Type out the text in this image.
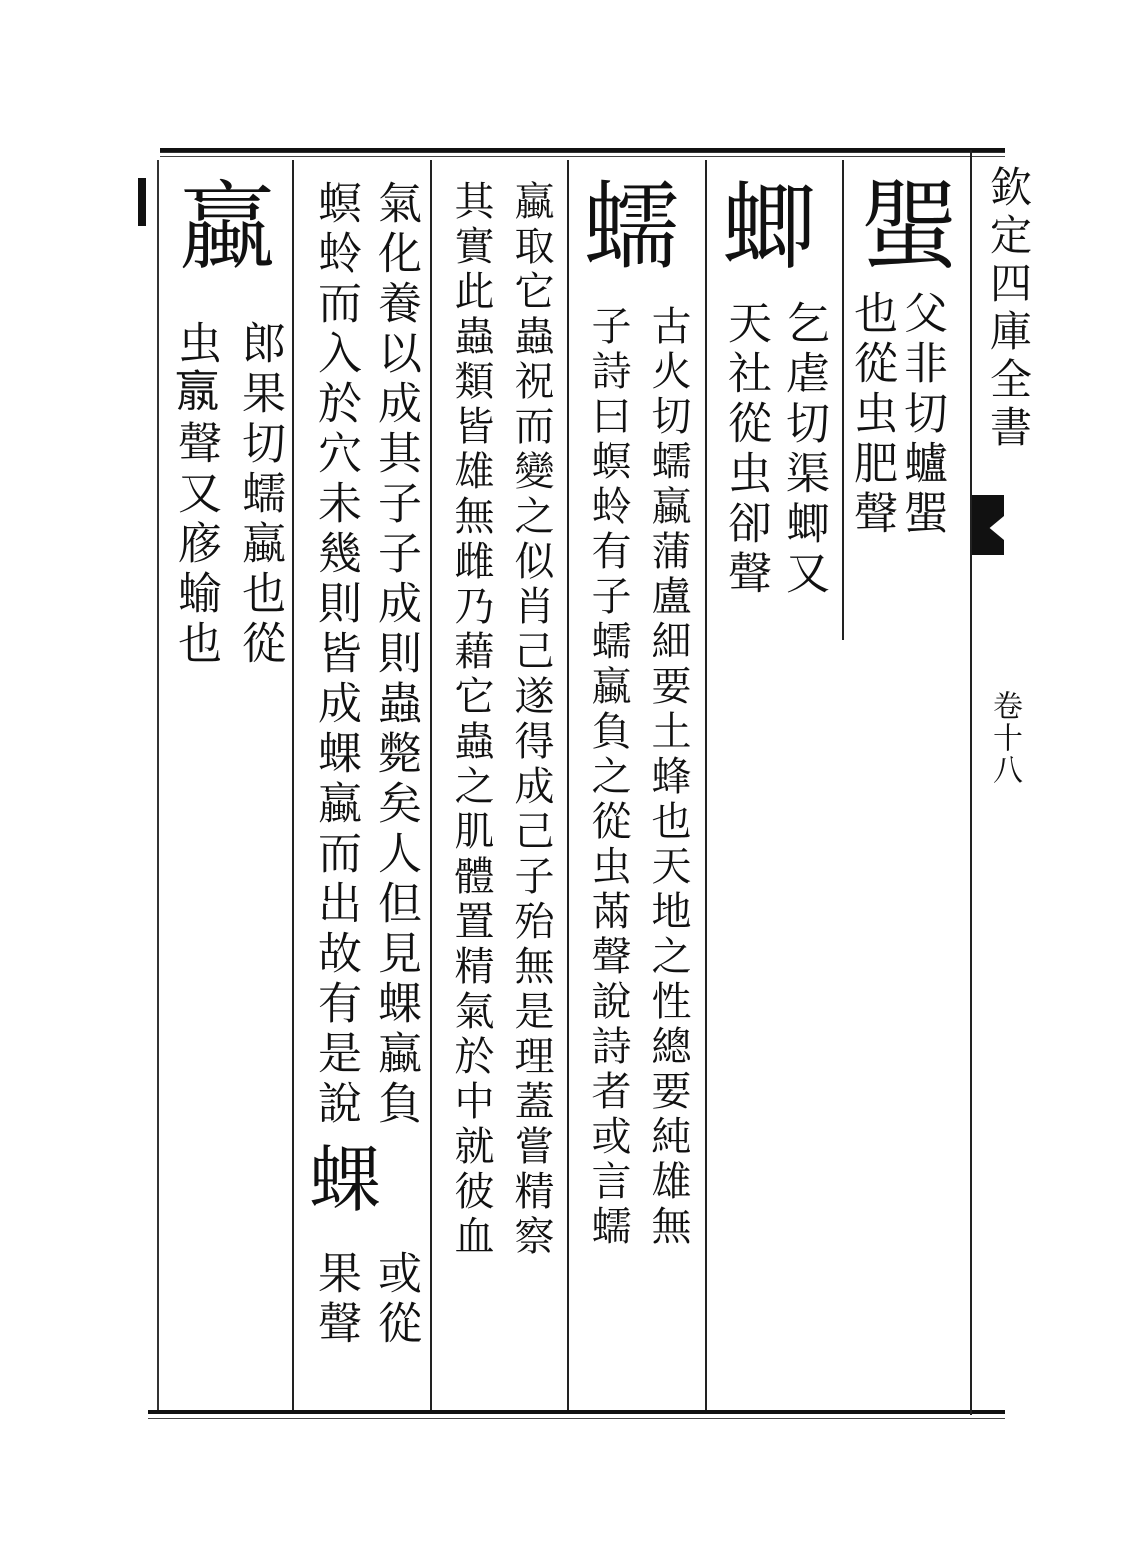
欽定四庫全書
卷十八
蜰
父非切蠦蜰
也從虫肥聲
蝍
乞虐切渠蝍又
天社從虫卻聲
蠕
古火切蠕蠃蒲盧細要土蜂也天地之性總要純雄無
子詩曰螟蛉有子蠕蠃負之從虫㒼聲說詩者或言蠕
蠃取它蟲祝而變之似肖己遂得成己子殆無是理蓋嘗精察
其實此蟲類皆雄無雌乃藉它蟲之肌體置精氣於中就彼血
氣化養以成其子子成則蟲斃矣人但見蜾蠃負
螟蛉而入於穴未幾則皆成蜾蠃而出故有是說
蜾
或從
果聲
蠃
郎果切蠕蠃也從
虫𣎆聲又㢋蝓也
